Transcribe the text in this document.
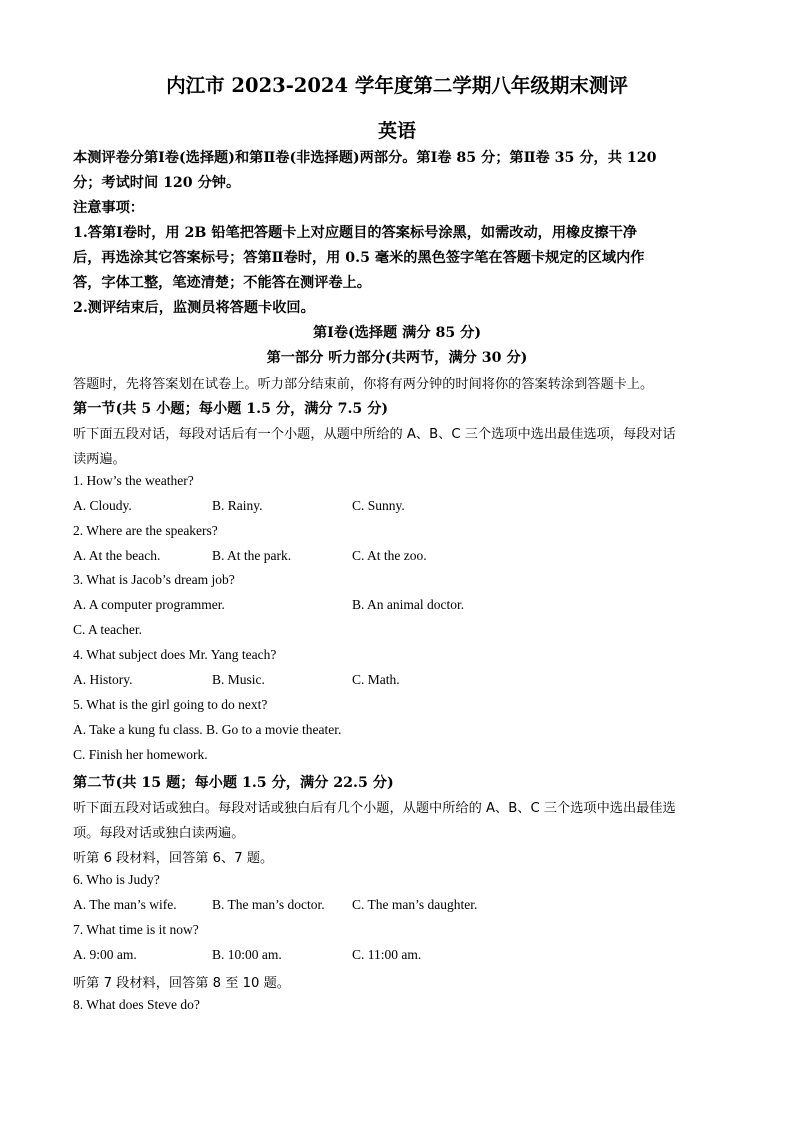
内江市 2023-2024 学年度第二学期八年级期末测评
英语
本测评卷分第Ⅰ卷(选择题)和第Ⅱ卷(非选择题)两部分。第Ⅰ卷 85 分；第Ⅱ卷 35 分，共 120
分；考试时间 120 分钟。
注意事项：
1.答第Ⅰ卷时，用 2B 铅笔把答题卡上对应题目的答案标号涂黑，如需改动，用橡皮擦干净
后，再选涂其它答案标号；答第Ⅱ卷时，用 0.5 毫米的黑色签字笔在答题卡规定的区域内作
答，字体工整，笔迹清楚；不能答在测评卷上。
2.测评结束后，监测员将答题卡收回。
第Ⅰ卷(选择题 满分 85 分)
第一部分 听力部分(共两节，满分 30 分)
答题时，先将答案划在试卷上。听力部分结束前，你将有两分钟的时间将你的答案转涂到答题卡上。
第一节(共 5 小题；每小题 1.5 分，满分 7.5 分)
听下面五段对话，每段对话后有一个小题，从题中所给的 A、B、C 三个选项中选出最佳选项，每段对话
读两遍。
1. How’s the weather?
A. Cloudy.	B. Rainy.	C. Sunny.
2. Where are the speakers?
A. At the beach.	B. At the park.	C. At the zoo.
3. What is Jacob’s dream job?
A. A computer programmer.	B. An animal doctor.
C. A teacher.
4. What subject does Mr. Yang teach?
A. History.	B. Music.	C. Math.
5. What is the girl going to do next?
A. Take a kung fu class. B. Go to a movie theater.
C. Finish her homework.
第二节(共 15 题；每小题 1.5 分，满分 22.5 分)
听下面五段对话或独白。每段对话或独白后有几个小题，从题中所给的 A、B、C 三个选项中选出最佳选
项。每段对话或独白读两遍。
听第 6 段材料，回答第 6、7 题。
6. Who is Judy?
A. The man’s wife.	B. The man’s doctor. C. The man’s daughter.
7. What time is it now?
A. 9:00 am.	B. 10:00 am.	C. 11:00 am.
听第 7 段材料，回答第 8 至 10 题。
8. What does Steve do?
